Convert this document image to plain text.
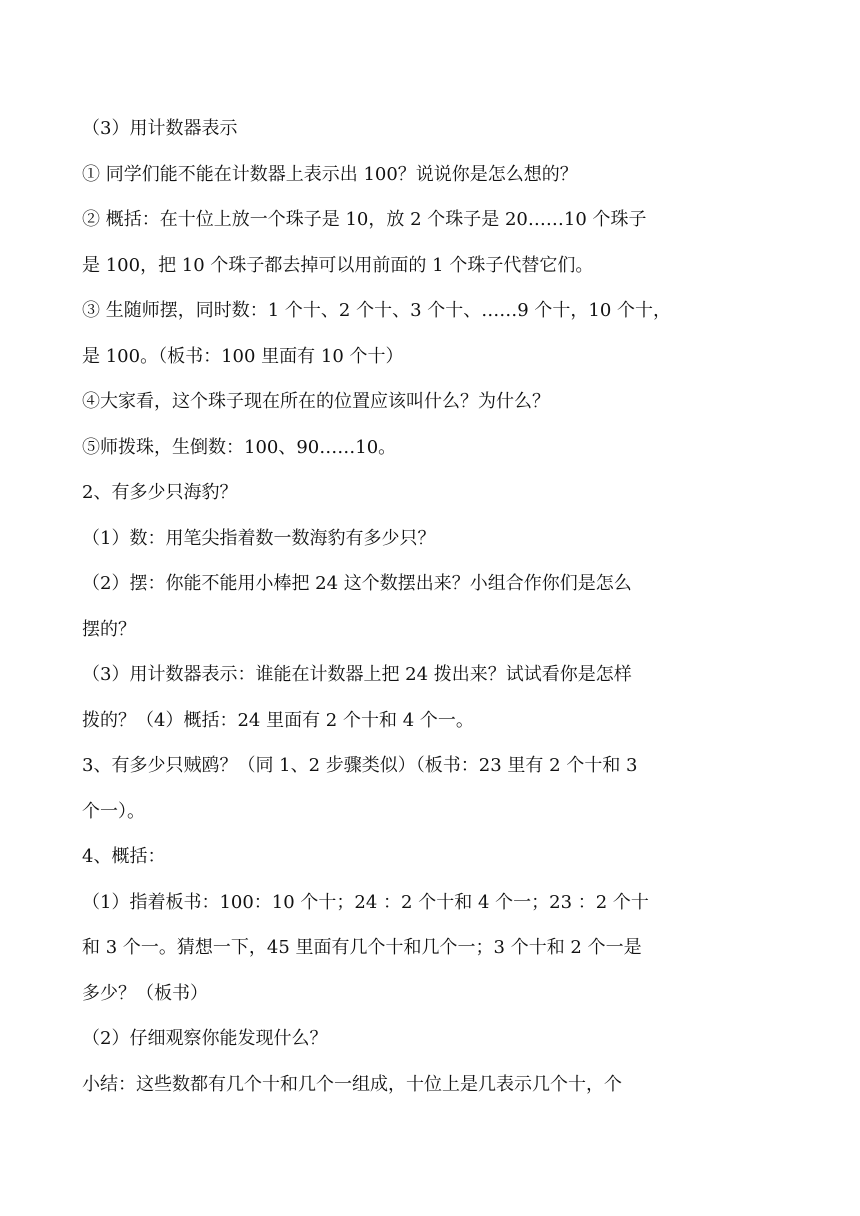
（3）用计数器表示
① 同学们能不能在计数器上表示出 100？说说你是怎么想的？
② 概括：在十位上放一个珠子是 10，放 2 个珠子是 20……10 个珠子
是 100，把 10 个珠子都去掉可以用前面的 1 个珠子代替它们。
③ 生随师摆，同时数：1 个十、2 个十、3 个十、……9 个十，10 个十，
是 100。（板书：100 里面有 10 个十）
④大家看，这个珠子现在所在的位置应该叫什么？为什么？
⑤师拨珠，生倒数：100、90……10。
2、有多少只海豹？
（1）数：用笔尖指着数一数海豹有多少只？
（2）摆：你能不能用小棒把 24 这个数摆出来？小组合作你们是怎么
摆的？
（3）用计数器表示：谁能在计数器上把 24 拨出来？试试看你是怎样
拨的？（4）概括：24 里面有 2 个十和 4 个一。
3、有多少只贼鸥？（同 1、2 步骤类似）（板书：23 里有 2 个十和 3
个一）。
4、概括：
（1）指着板书：100：10 个十；24 ：2 个十和 4 个一；23 ：2 个十
和 3 个一。猜想一下，45 里面有几个十和几个一；3 个十和 2 个一是
多少？（板书）
（2）仔细观察你能发现什么？
小结：这些数都有几个十和几个一组成，十位上是几表示几个十，个
